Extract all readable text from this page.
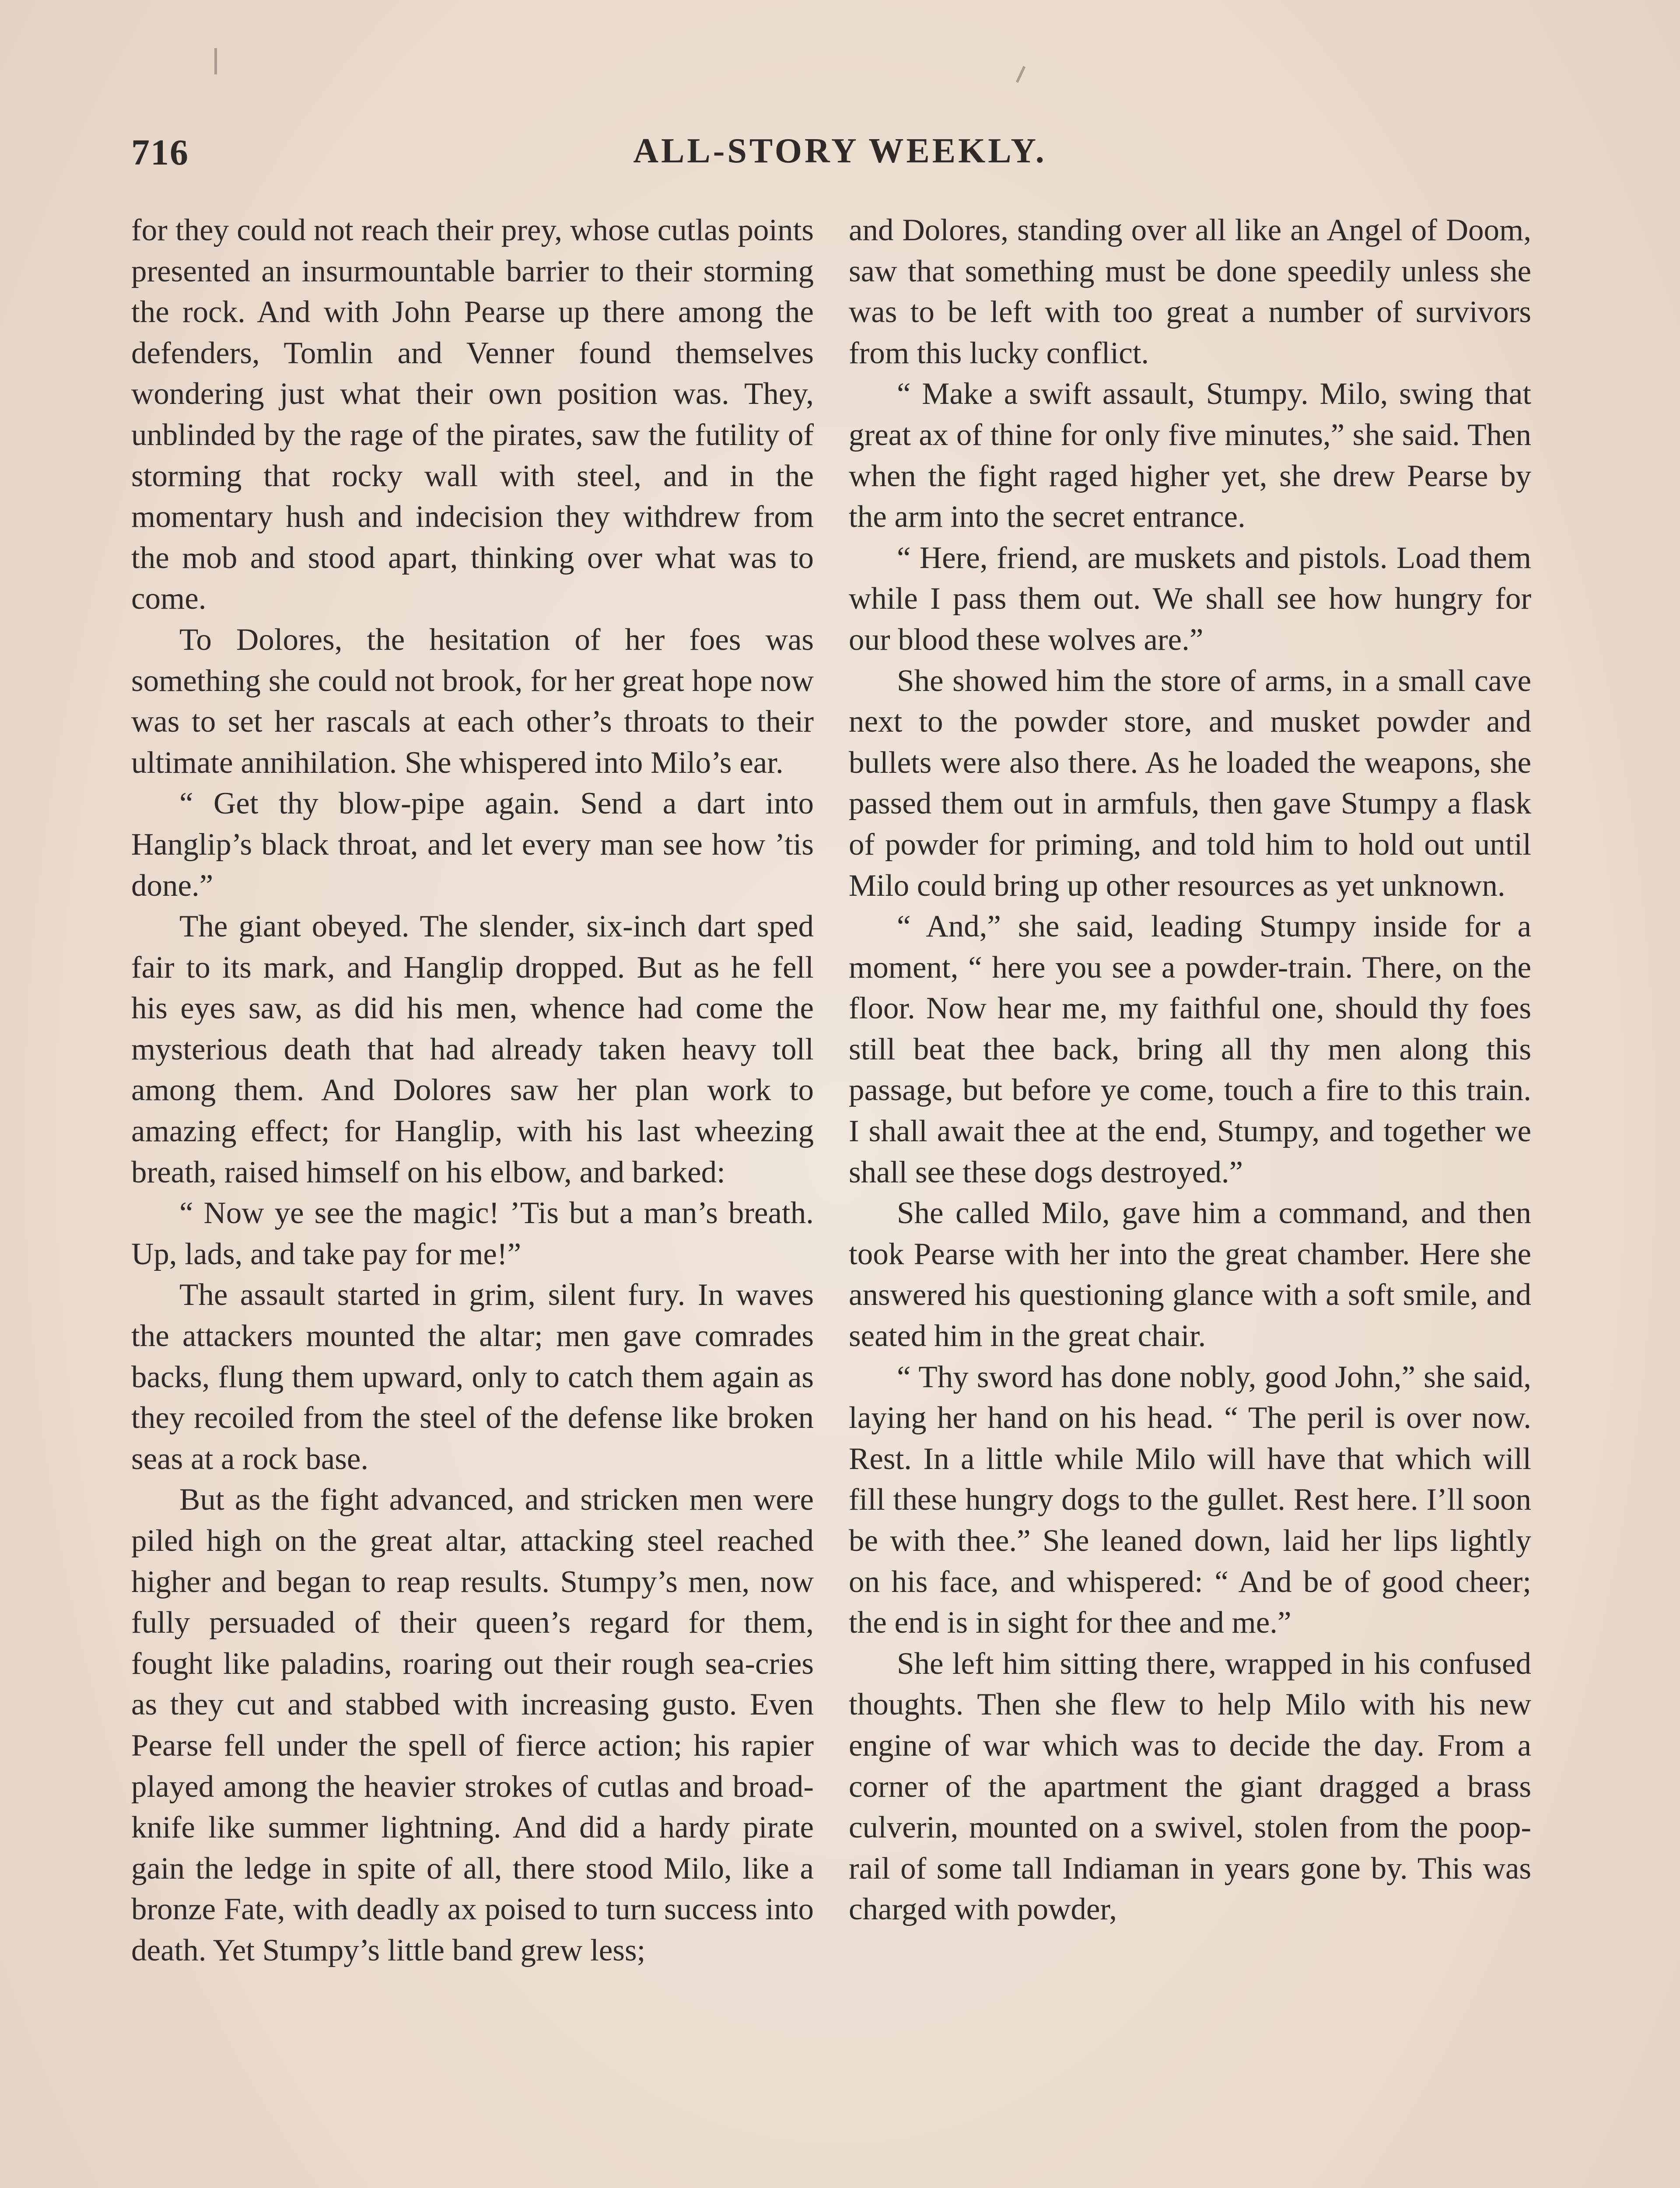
716	ALL-STORY WEEKLY.

for they could not reach their prey, whose cutlas points presented an insurmountable barrier to their storming the rock. And with John Pearse up there among the defenders, Tomlin and Venner found themselves wondering just what their own position was. They, unblinded by the rage of the pirates, saw the futility of storming that rocky wall with steel, and in the momentary hush and indecision they withdrew from the mob and stood apart, thinking over what was to come.

To Dolores, the hesitation of her foes was something she could not brook, for her great hope now was to set her rascals at each other’s throats to their ultimate annihilation. She whispered into Milo’s ear.

“ Get thy blow-pipe again. Send a dart into Hanglip’s black throat, and let every man see how ’tis done.”

The giant obeyed. The slender, six-inch dart sped fair to its mark, and Hanglip dropped. But as he fell his eyes saw, as did his men, whence had come the mysterious death that had already taken heavy toll among them. And Dolores saw her plan work to amazing effect; for Hanglip, with his last wheezing breath, raised himself on his elbow, and barked:

“ Now ye see the magic! ’Tis but a man’s breath. Up, lads, and take pay for me!”

The assault started in grim, silent fury. In waves the attackers mounted the altar; men gave comrades backs, flung them upward, only to catch them again as they recoiled from the steel of the defense like broken seas at a rock base.

But as the fight advanced, and stricken men were piled high on the great altar, attacking steel reached higher and began to reap results. Stumpy’s men, now fully persuaded of their queen’s regard for them, fought like paladins, roaring out their rough sea-cries as they cut and stabbed with increasing gusto. Even Pearse fell under the spell of fierce action; his rapier played among the heavier strokes of cutlas and broad-knife like summer lightning. And did a hardy pirate gain the ledge in spite of all, there stood Milo, like a bronze Fate, with deadly ax poised to turn success into death. Yet Stumpy’s little band grew less;

and Dolores, standing over all like an Angel of Doom, saw that something must be done speedily unless she was to be left with too great a number of survivors from this lucky conflict.

“ Make a swift assault, Stumpy. Milo, swing that great ax of thine for only five minutes,” she said. Then when the fight raged higher yet, she drew Pearse by the arm into the secret entrance.

“ Here, friend, are muskets and pistols. Load them while I pass them out. We shall see how hungry for our blood these wolves are.”

She showed him the store of arms, in a small cave next to the powder store, and musket powder and bullets were also there. As he loaded the weapons, she passed them out in armfuls, then gave Stumpy a flask of powder for priming, and told him to hold out until Milo could bring up other resources as yet unknown.

“ And,” she said, leading Stumpy inside for a moment, “ here you see a powder-train. There, on the floor. Now hear me, my faithful one, should thy foes still beat thee back, bring all thy men along this passage, but before ye come, touch a fire to this train. I shall await thee at the end, Stumpy, and together we shall see these dogs destroyed.”

She called Milo, gave him a command, and then took Pearse with her into the great chamber. Here she answered his questioning glance with a soft smile, and seated him in the great chair.

“ Thy sword has done nobly, good John,” she said, laying her hand on his head. “ The peril is over now. Rest. In a little while Milo will have that which will fill these hungry dogs to the gullet. Rest here. I’ll soon be with thee.” She leaned down, laid her lips lightly on his face, and whispered: “ And be of good cheer; the end is in sight for thee and me.”

She left him sitting there, wrapped in his confused thoughts. Then she flew to help Milo with his new engine of war which was to decide the day. From a corner of the apartment the giant dragged a brass culverin, mounted on a swivel, stolen from the poop-rail of some tall Indiaman in years gone by. This was charged with powder,
